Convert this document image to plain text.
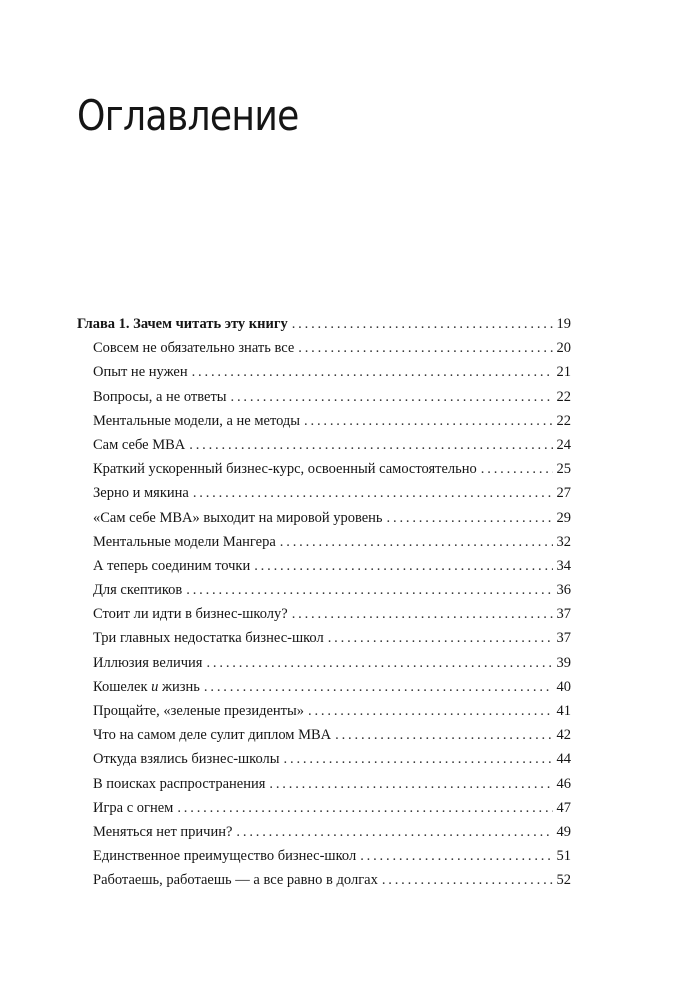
Оглавление
Глава 1. Зачем читать эту книгу . . .	19
Совсем не обязательно знать все . . .	20
Опыт не нужен . . .	21
Вопросы, а не ответы . . .	22
Ментальные модели, а не методы . . .	22
Сам себе MBA . . .	24
Краткий ускоренный бизнес-курс, освоенный самостоятельно . . .	25
Зерно и мякина . . .	27
«Сам себе MBA» выходит на мировой уровень . . .	29
Ментальные модели Мангера . . .	32
А теперь соединим точки . . .	34
Для скептиков . . .	36
Стоит ли идти в бизнес-школу? . . .	37
Три главных недостатка бизнес-школ . . .	37
Иллюзия величия . . .	39
Кошелек и жизнь . . .	40
Прощайте, «зеленые президенты» . . .	41
Что на самом деле сулит диплом MBA . . .	42
Откуда взялись бизнес-школы . . .	44
В поисках распространения . . .	46
Игра с огнем . . .	47
Меняться нет причин? . . .	49
Единственное преимущество бизнес-школ . . .	51
Работаешь, работаешь — а все равно в долгах . . .	52
